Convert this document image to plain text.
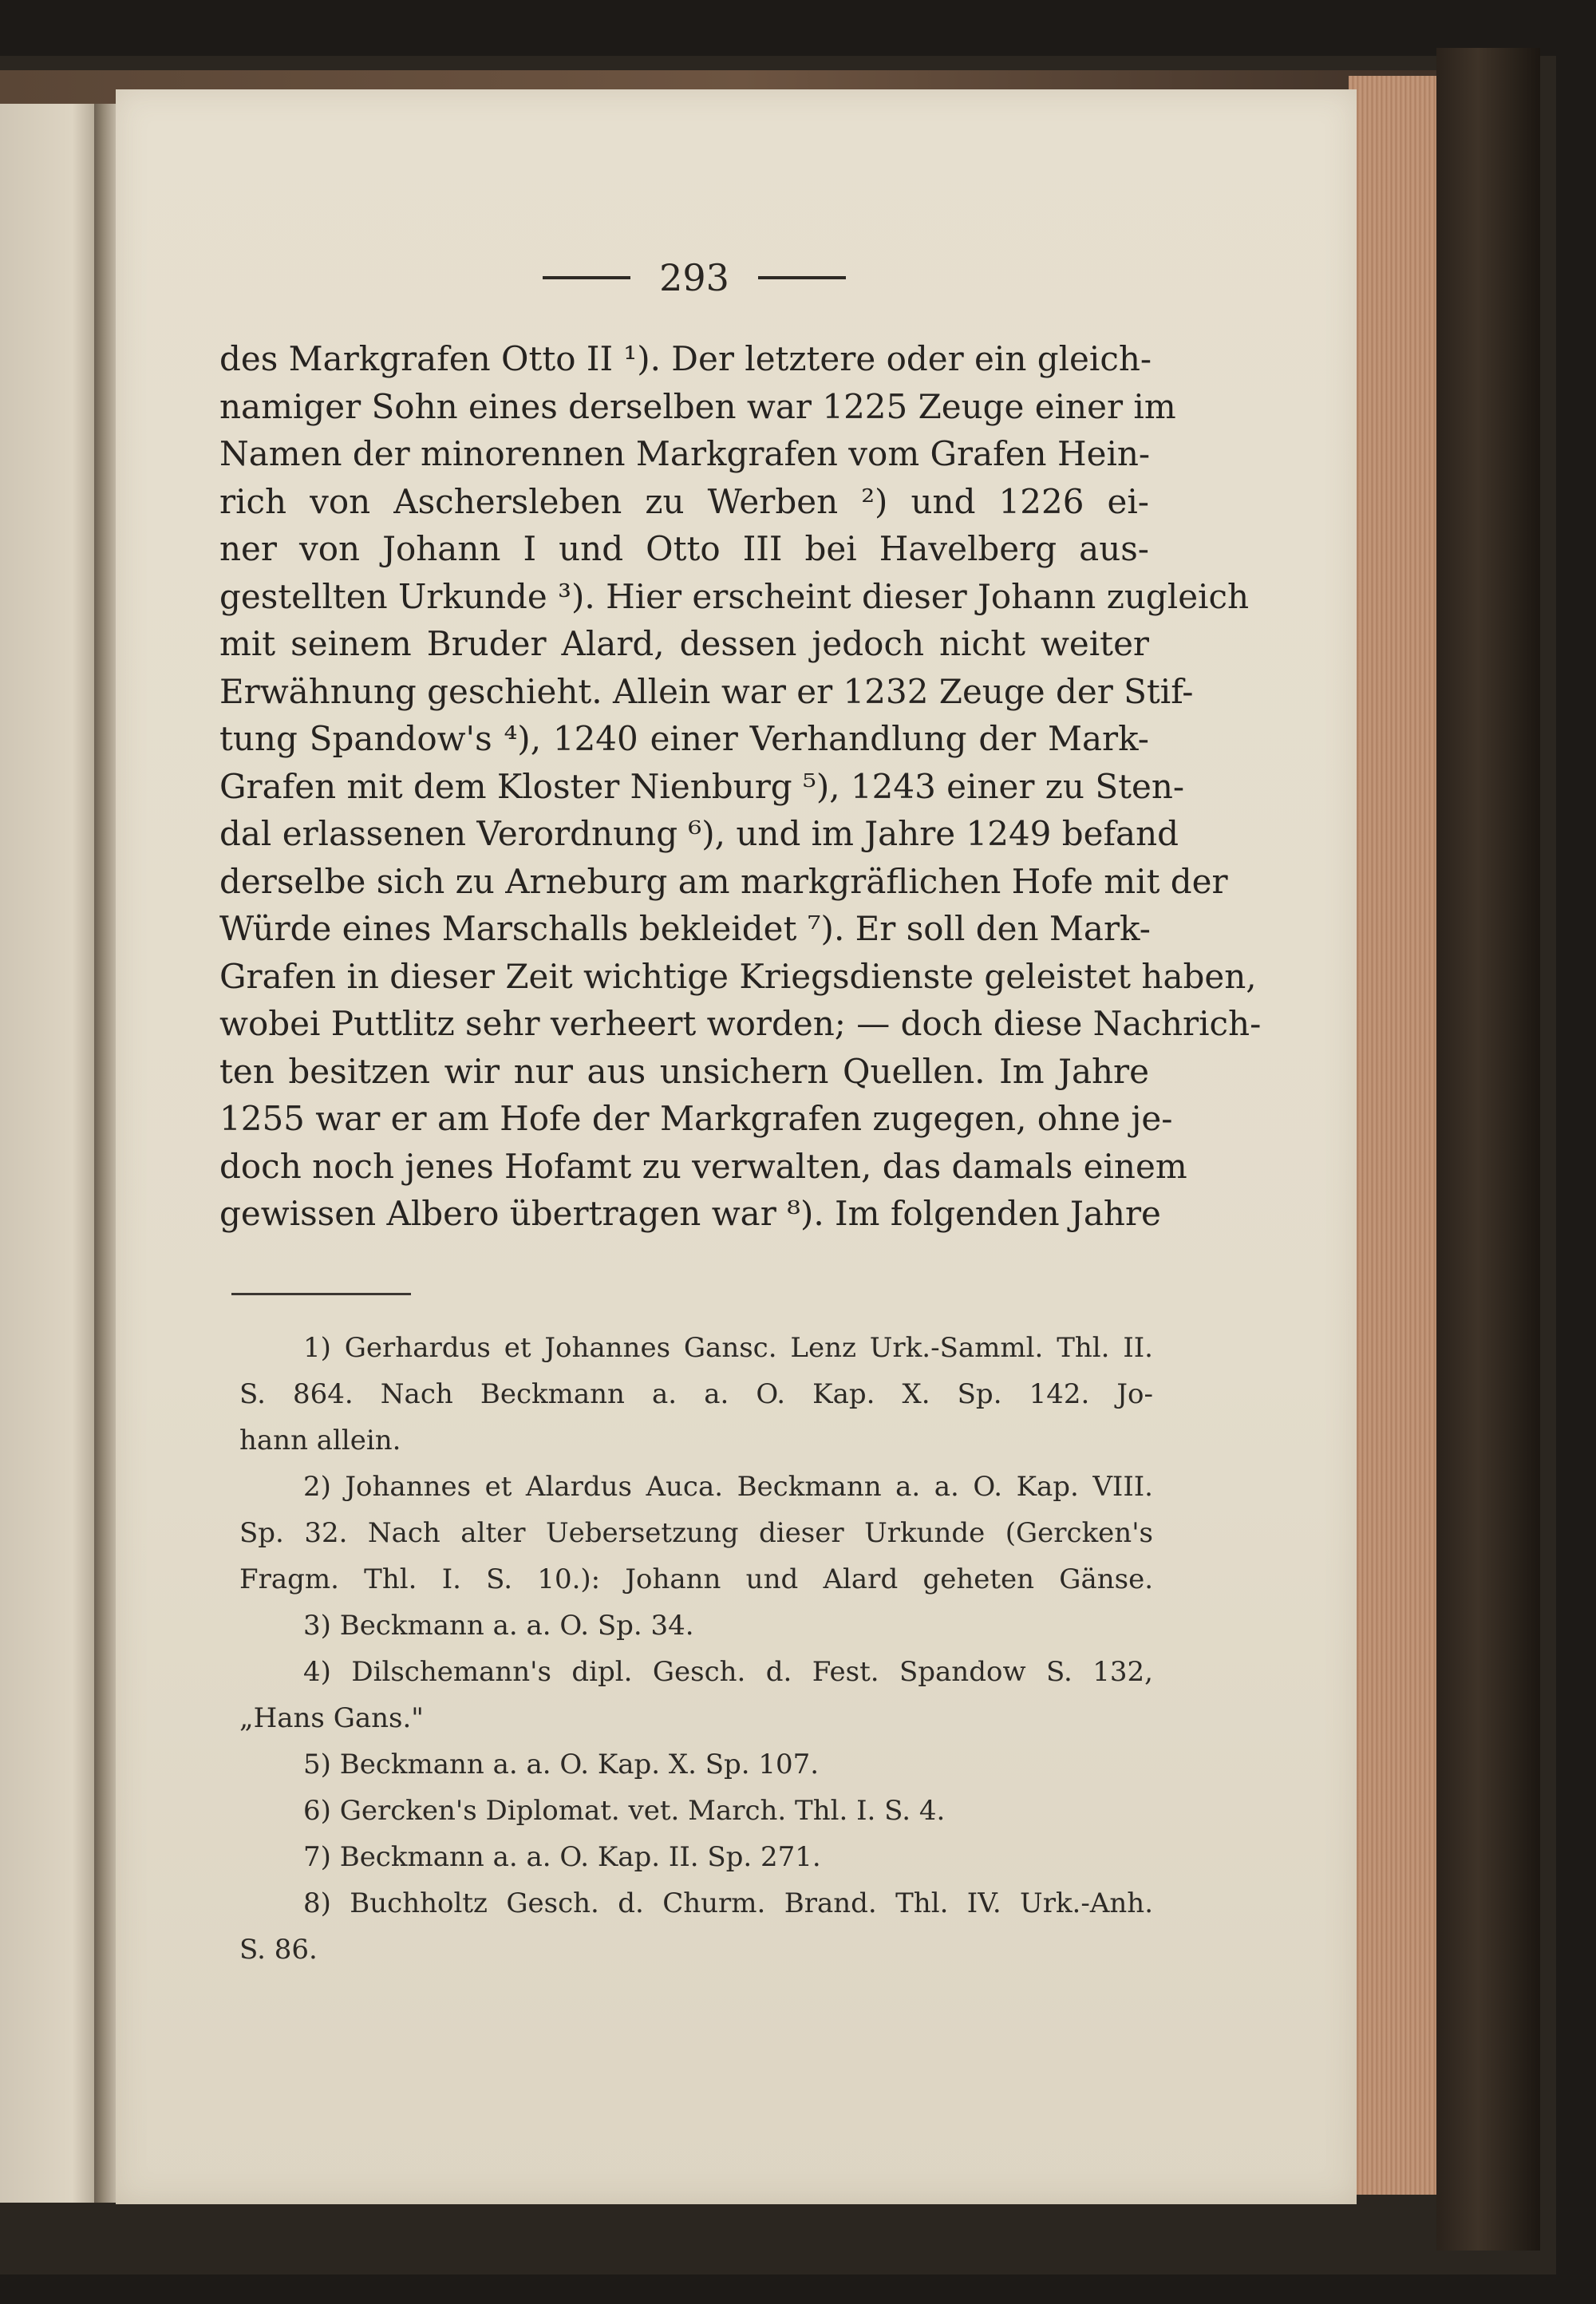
293
des Markgrafen Otto II ¹). Der letztere oder ein gleich-
namiger Sohn eines derselben war 1225 Zeuge einer im
Namen der minorennen Markgrafen vom Grafen Hein-
rich von Aschersleben zu Werben ²) und 1226 ei-
ner von Johann I und Otto III bei Havelberg aus-
gestellten Urkunde ³). Hier erscheint dieser Johann zugleich
mit seinem Bruder Alard, dessen jedoch nicht weiter
Erwähnung geschieht. Allein war er 1232 Zeuge der Stif-
tung Spandow's ⁴), 1240 einer Verhandlung der Mark-
Grafen mit dem Kloster Nienburg ⁵), 1243 einer zu Sten-
dal erlassenen Verordnung ⁶), und im Jahre 1249 befand
derselbe sich zu Arneburg am markgräflichen Hofe mit der
Würde eines Marschalls bekleidet ⁷). Er soll den Mark-
Grafen in dieser Zeit wichtige Kriegsdienste geleistet haben,
wobei Puttlitz sehr verheert worden; — doch diese Nachrich-
ten besitzen wir nur aus unsichern Quellen. Im Jahre
1255 war er am Hofe der Markgrafen zugegen, ohne je-
doch noch jenes Hofamt zu verwalten, das damals einem
gewissen Albero übertragen war ⁸). Im folgenden Jahre
1) Gerhardus et Johannes Gansc. Lenz Urk.-Samml. Thl. II.
S. 864. Nach Beckmann a. a. O. Kap. X. Sp. 142. Jo-
hann allein.
2) Johannes et Alardus Auca. Beckmann a. a. O. Kap. VIII.
Sp. 32. Nach alter Uebersetzung dieser Urkunde (Gercken's
Fragm. Thl. I. S. 10.): Johann und Alard geheten Gänse.
3) Beckmann a. a. O. Sp. 34.
4) Dilschemann's dipl. Gesch. d. Fest. Spandow S. 132,
„Hans Gans."
5) Beckmann a. a. O. Kap. X. Sp. 107.
6) Gercken's Diplomat. vet. March. Thl. I. S. 4.
7) Beckmann a. a. O. Kap. II. Sp. 271.
8) Buchholtz Gesch. d. Churm. Brand. Thl. IV. Urk.-Anh.
S. 86.
